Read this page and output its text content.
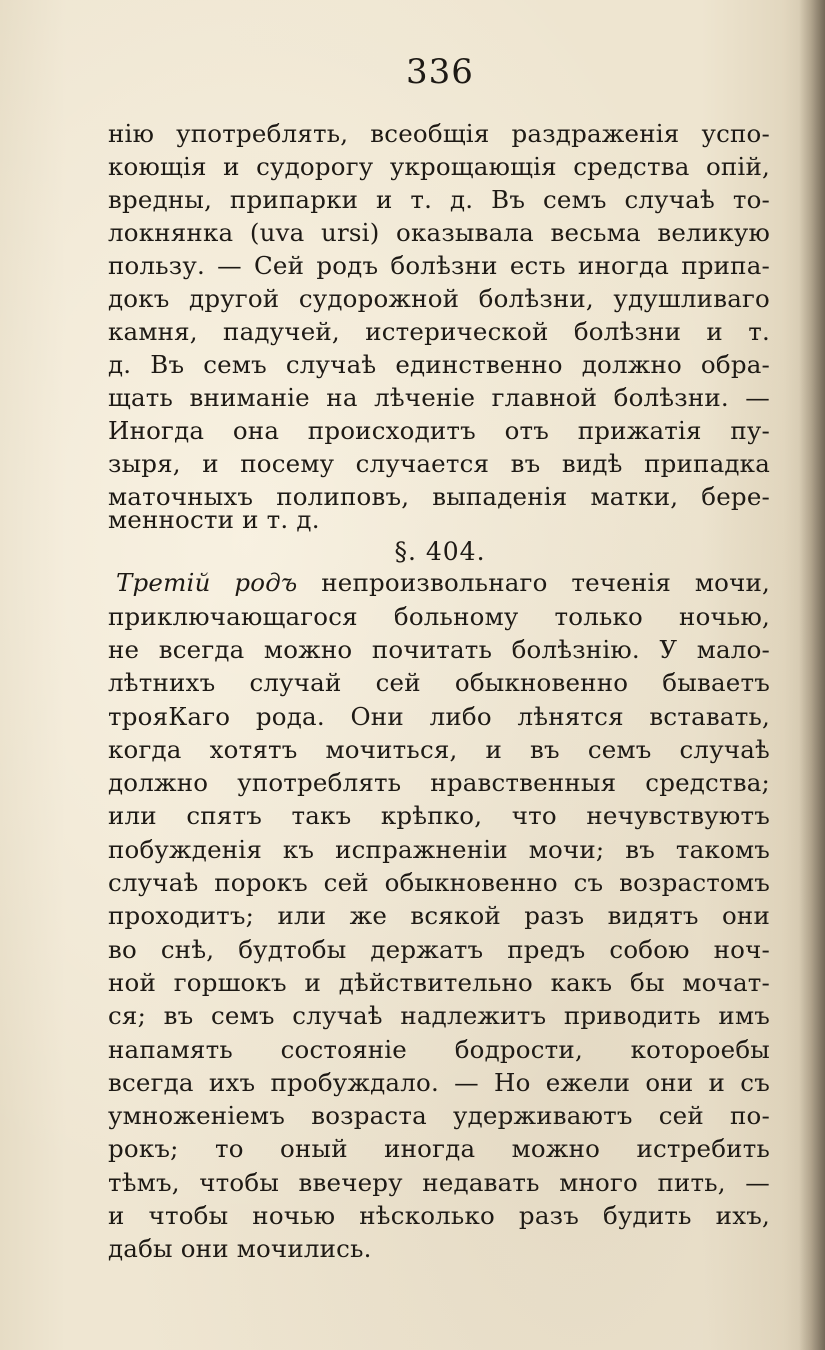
336
нію употреблять, всеобщія раздраженія успо-
коющія и судорогу укрощающія средства опій,
вредны, припарки и т. д. Въ семъ случаѣ то-
локнянка (uva ursi) оказывала весьма великую
пользу. — Сей родъ болѣзни есть иногда припа-
докъ другой судорожной болѣзни, удушливаго
камня, падучей, истерической болѣзни и т.
д. Въ семъ случаѣ единственно должно обра-
щать вниманіе на лѣченіе главной болѣзни. —
Иногда она происходитъ отъ прижатія пу-
зыря, и посему случается въ видѣ припадка
маточныхъ полиповъ, выпаденія матки, бере-
менности и т. д.
§. 404.
Третій родъ непроизвольнаго теченія мочи,
приключающагося больному только ночью,
не всегда можно почитать болѣзнію. У мало-
лѣтнихъ случай сей обыкновенно бываетъ
трояКаго рода. Они либо лѣнятся вставать,
когда хотятъ мочиться, и въ семъ случаѣ
должно употреблять нравственныя средства;
или спятъ такъ крѣпко, что нечувствуютъ
побужденія къ испражненіи мочи; въ такомъ
случаѣ порокъ сей обыкновенно съ возрастомъ
проходитъ; или же всякой разъ видятъ они
во снѣ, будтобы держатъ предъ собою ноч-
ной горшокъ и дѣйствительно какъ бы мочат-
ся; въ семъ случаѣ надлежитъ приводить имъ
напамять состояніе бодрости, котороебы
всегда ихъ пробуждало. — Но ежели они и съ
умноженіемъ возраста удерживаютъ сей по-
рокъ; то оный иногда можно истребить
тѣмъ, чтобы ввечеру недавать много пить, —
и чтобы ночью нѣсколько разъ будить ихъ,
дабы они мочились.
